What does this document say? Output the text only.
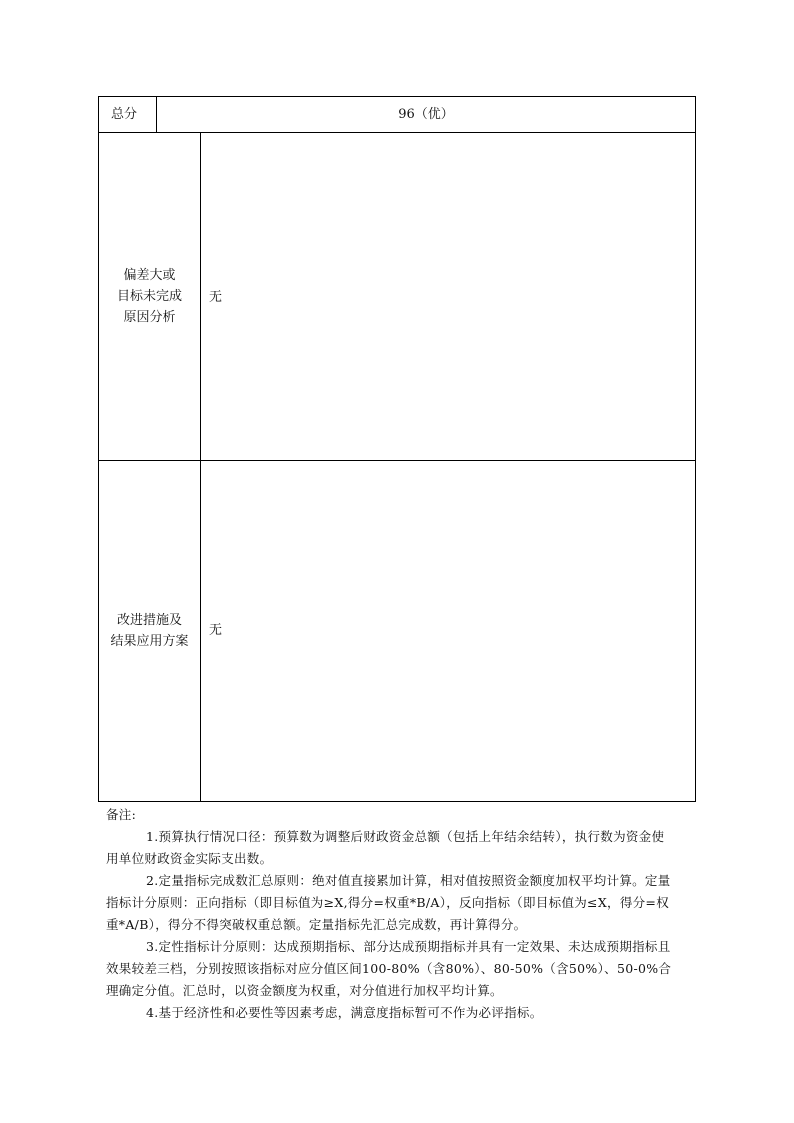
总分	96（优）
偏差大或
目标未完成
原因分析
无
改进措施及
结果应用方案
无

备注:

1.预算执行情况口径：预算数为调整后财政资金总额（包括上年结余结转），执行数为资金使用单位财政资金实际支出数。

2.定量指标完成数汇总原则：绝对值直接累加计算，相对值按照资金额度加权平均计算。定量指标计分原则：正向指标（即目标值为≥X,得分=权重*B/A），反向指标（即目标值为≤X，得分=权重*A/B），得分不得突破权重总额。定量指标先汇总完成数，再计算得分。

3.定性指标计分原则：达成预期指标、部分达成预期指标并具有一定效果、未达成预期指标且效果较差三档，分别按照该指标对应分值区间100-80%（含80%）、80-50%（含50%）、50-0%合理确定分值。汇总时，以资金额度为权重，对分值进行加权平均计算。

4.基于经济性和必要性等因素考虑，满意度指标暂可不作为必评指标。
